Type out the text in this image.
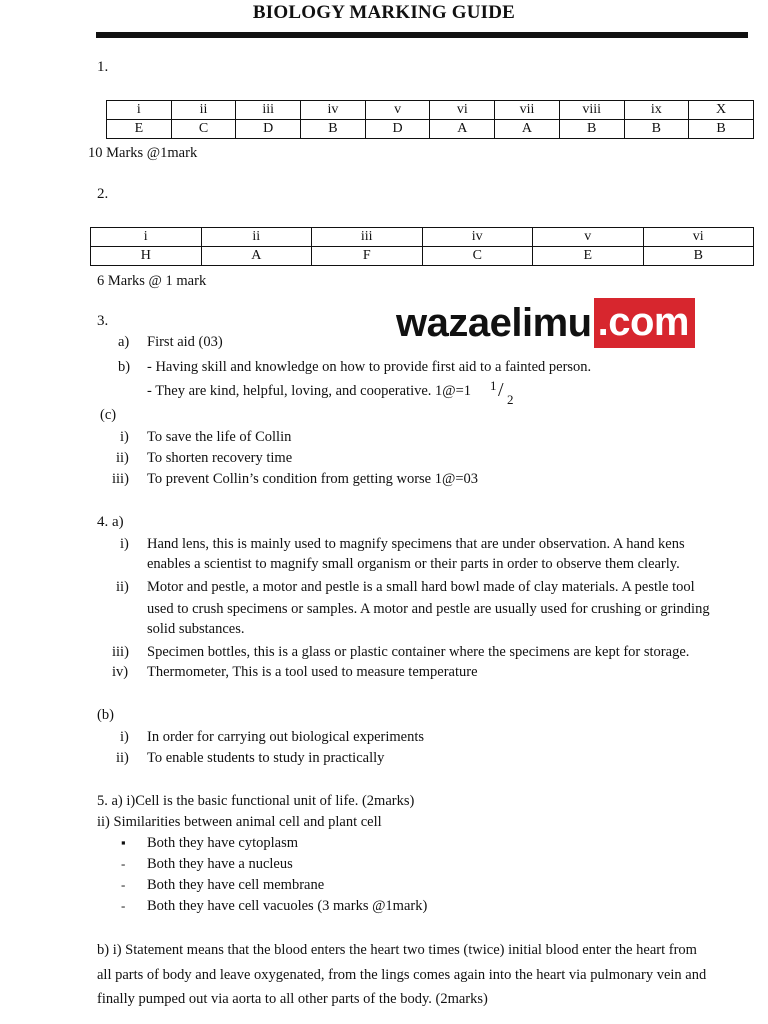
BIOLOGY MARKING GUIDE
1.
i	ii	iii	iv	v	vi	vii	viii	ix	X
E	C	D	B	D	A	A	B	B	B
10 Marks @1mark
2.
i	ii	iii	iv	v	vi
H	A	F	C	E	B
6 Marks @ 1 mark
wazaelimu .com
3.
a) First aid (03)
b) - Having skill and knowledge on how to provide first aid to a fainted person.
- They are kind, helpful, loving, and cooperative. 1@=1 1 / 2
(c)
i) To save the life of Collin
ii) To shorten recovery time
iii) To prevent Collin’s condition from getting worse 1@=03
4. a)
i) Hand lens, this is mainly used to magnify specimens that are under observation. A hand kens
enables a scientist to magnify small organism or their parts in order to observe them clearly.
ii) Motor and pestle, a motor and pestle is a small hard bowl made of clay materials. A pestle tool
used to crush specimens or samples. A motor and pestle are usually used for crushing or grinding
solid substances.
iii) Specimen bottles, this is a glass or plastic container where the specimens are kept for storage.
iv) Thermometer, This is a tool used to measure temperature
(b)
i) In order for carrying out biological experiments
ii) To enable students to study in practically
5. a) i)Cell is the basic functional unit of life. (2marks)
ii) Similarities between animal cell and plant cell
▪ Both they have cytoplasm
- Both they have a nucleus
- Both they have cell membrane
- Both they have cell vacuoles (3 marks @1mark)
b) i) Statement means that the blood enters the heart two times (twice) initial blood enter the heart from
all parts of body and leave oxygenated, from the lings comes again into the heart via pulmonary vein and
finally pumped out via aorta to all other parts of the body. (2marks)
